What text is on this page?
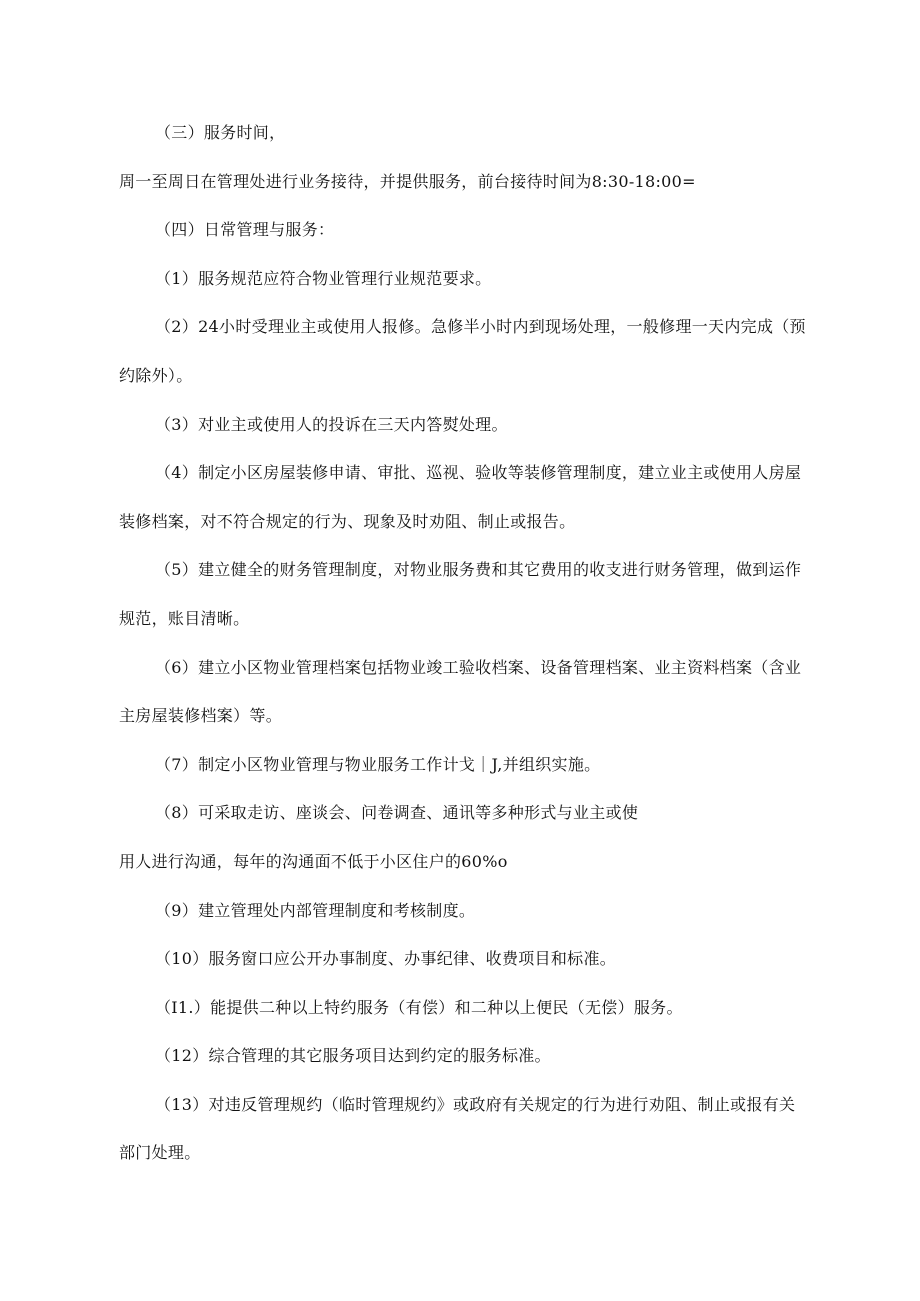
（三）服务时间，
周一至周日在管理处进行业务接待，并提供服务，前台接待时间为8:30-18:00=
（四）日常管理与服务：
（1）服务规范应符合物业管理行业规范要求。
（2）24小时受理业主或使用人报修。急修半小时内到现场处理，一般修理一天内完成（预
约除外）。
（3）对业主或使用人的投诉在三天内答熨处理。
（4）制定小区房屋装修申请、审批、巡视、验收等装修管理制度，建立业主或使用人房屋
装修档案，对不符合规定的行为、现象及时劝阻、制止或报告。
（5）建立健全的财务管理制度，对物业服务费和其它费用的收支进行财务管理，做到运作
规范，账目清晰。
（6）建立小区物业管理档案包括物业竣工验收档案、设备管理档案、业主资料档案（含业
主房屋装修档案）等。
（7）制定小区物业管理与物业服务工作计戈｜J,并组织实施。
（8）可采取走访、座谈会、问卷调查、通讯等多种形式与业主或使
用人进行沟通，每年的沟通面不低于小区住户的60%o
（9）建立管理处内部管理制度和考核制度。
（10）服务窗口应公开办事制度、办事纪律、收费项目和标准。
（I1.）能提供二种以上特约服务（有偿）和二种以上便民（无偿）服务。
（12）综合管理的其它服务项目达到约定的服务标准。
（13）对违反管理规约（临时管理规约》或政府有关规定的行为进行劝阻、制止或报有关
部门处理。
